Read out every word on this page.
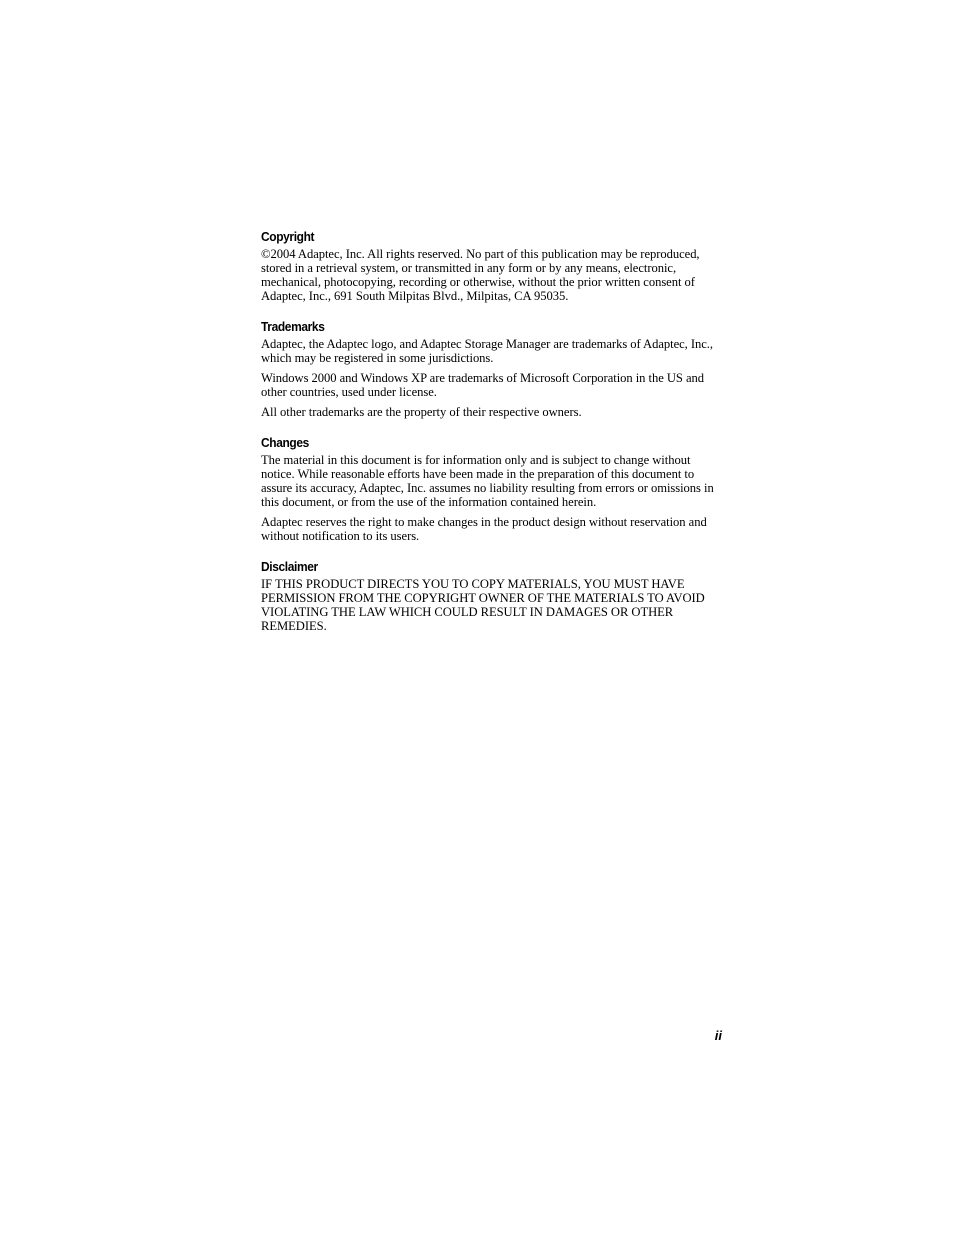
Copyright

©2004 Adaptec, Inc. All rights reserved. No part of this publication may be reproduced, stored in a retrieval system, or transmitted in any form or by any means, electronic, mechanical, photocopying, recording or otherwise, without the prior written consent of Adaptec, Inc., 691 South Milpitas Blvd., Milpitas, CA 95035.

Trademarks

Adaptec, the Adaptec logo, and Adaptec Storage Manager are trademarks of Adaptec, Inc., which may be registered in some jurisdictions.

Windows 2000 and Windows XP are trademarks of Microsoft Corporation in the US and other countries, used under license.

All other trademarks are the property of their respective owners.

Changes

The material in this document is for information only and is subject to change without notice. While reasonable efforts have been made in the preparation of this document to assure its accuracy, Adaptec, Inc. assumes no liability resulting from errors or omissions in this document, or from the use of the information contained herein.

Adaptec reserves the right to make changes in the product design without reservation and without notification to its users.

Disclaimer

IF THIS PRODUCT DIRECTS YOU TO COPY MATERIALS, YOU MUST HAVE PERMISSION FROM THE COPYRIGHT OWNER OF THE MATERIALS TO AVOID VIOLATING THE LAW WHICH COULD RESULT IN DAMAGES OR OTHER REMEDIES.

ii
